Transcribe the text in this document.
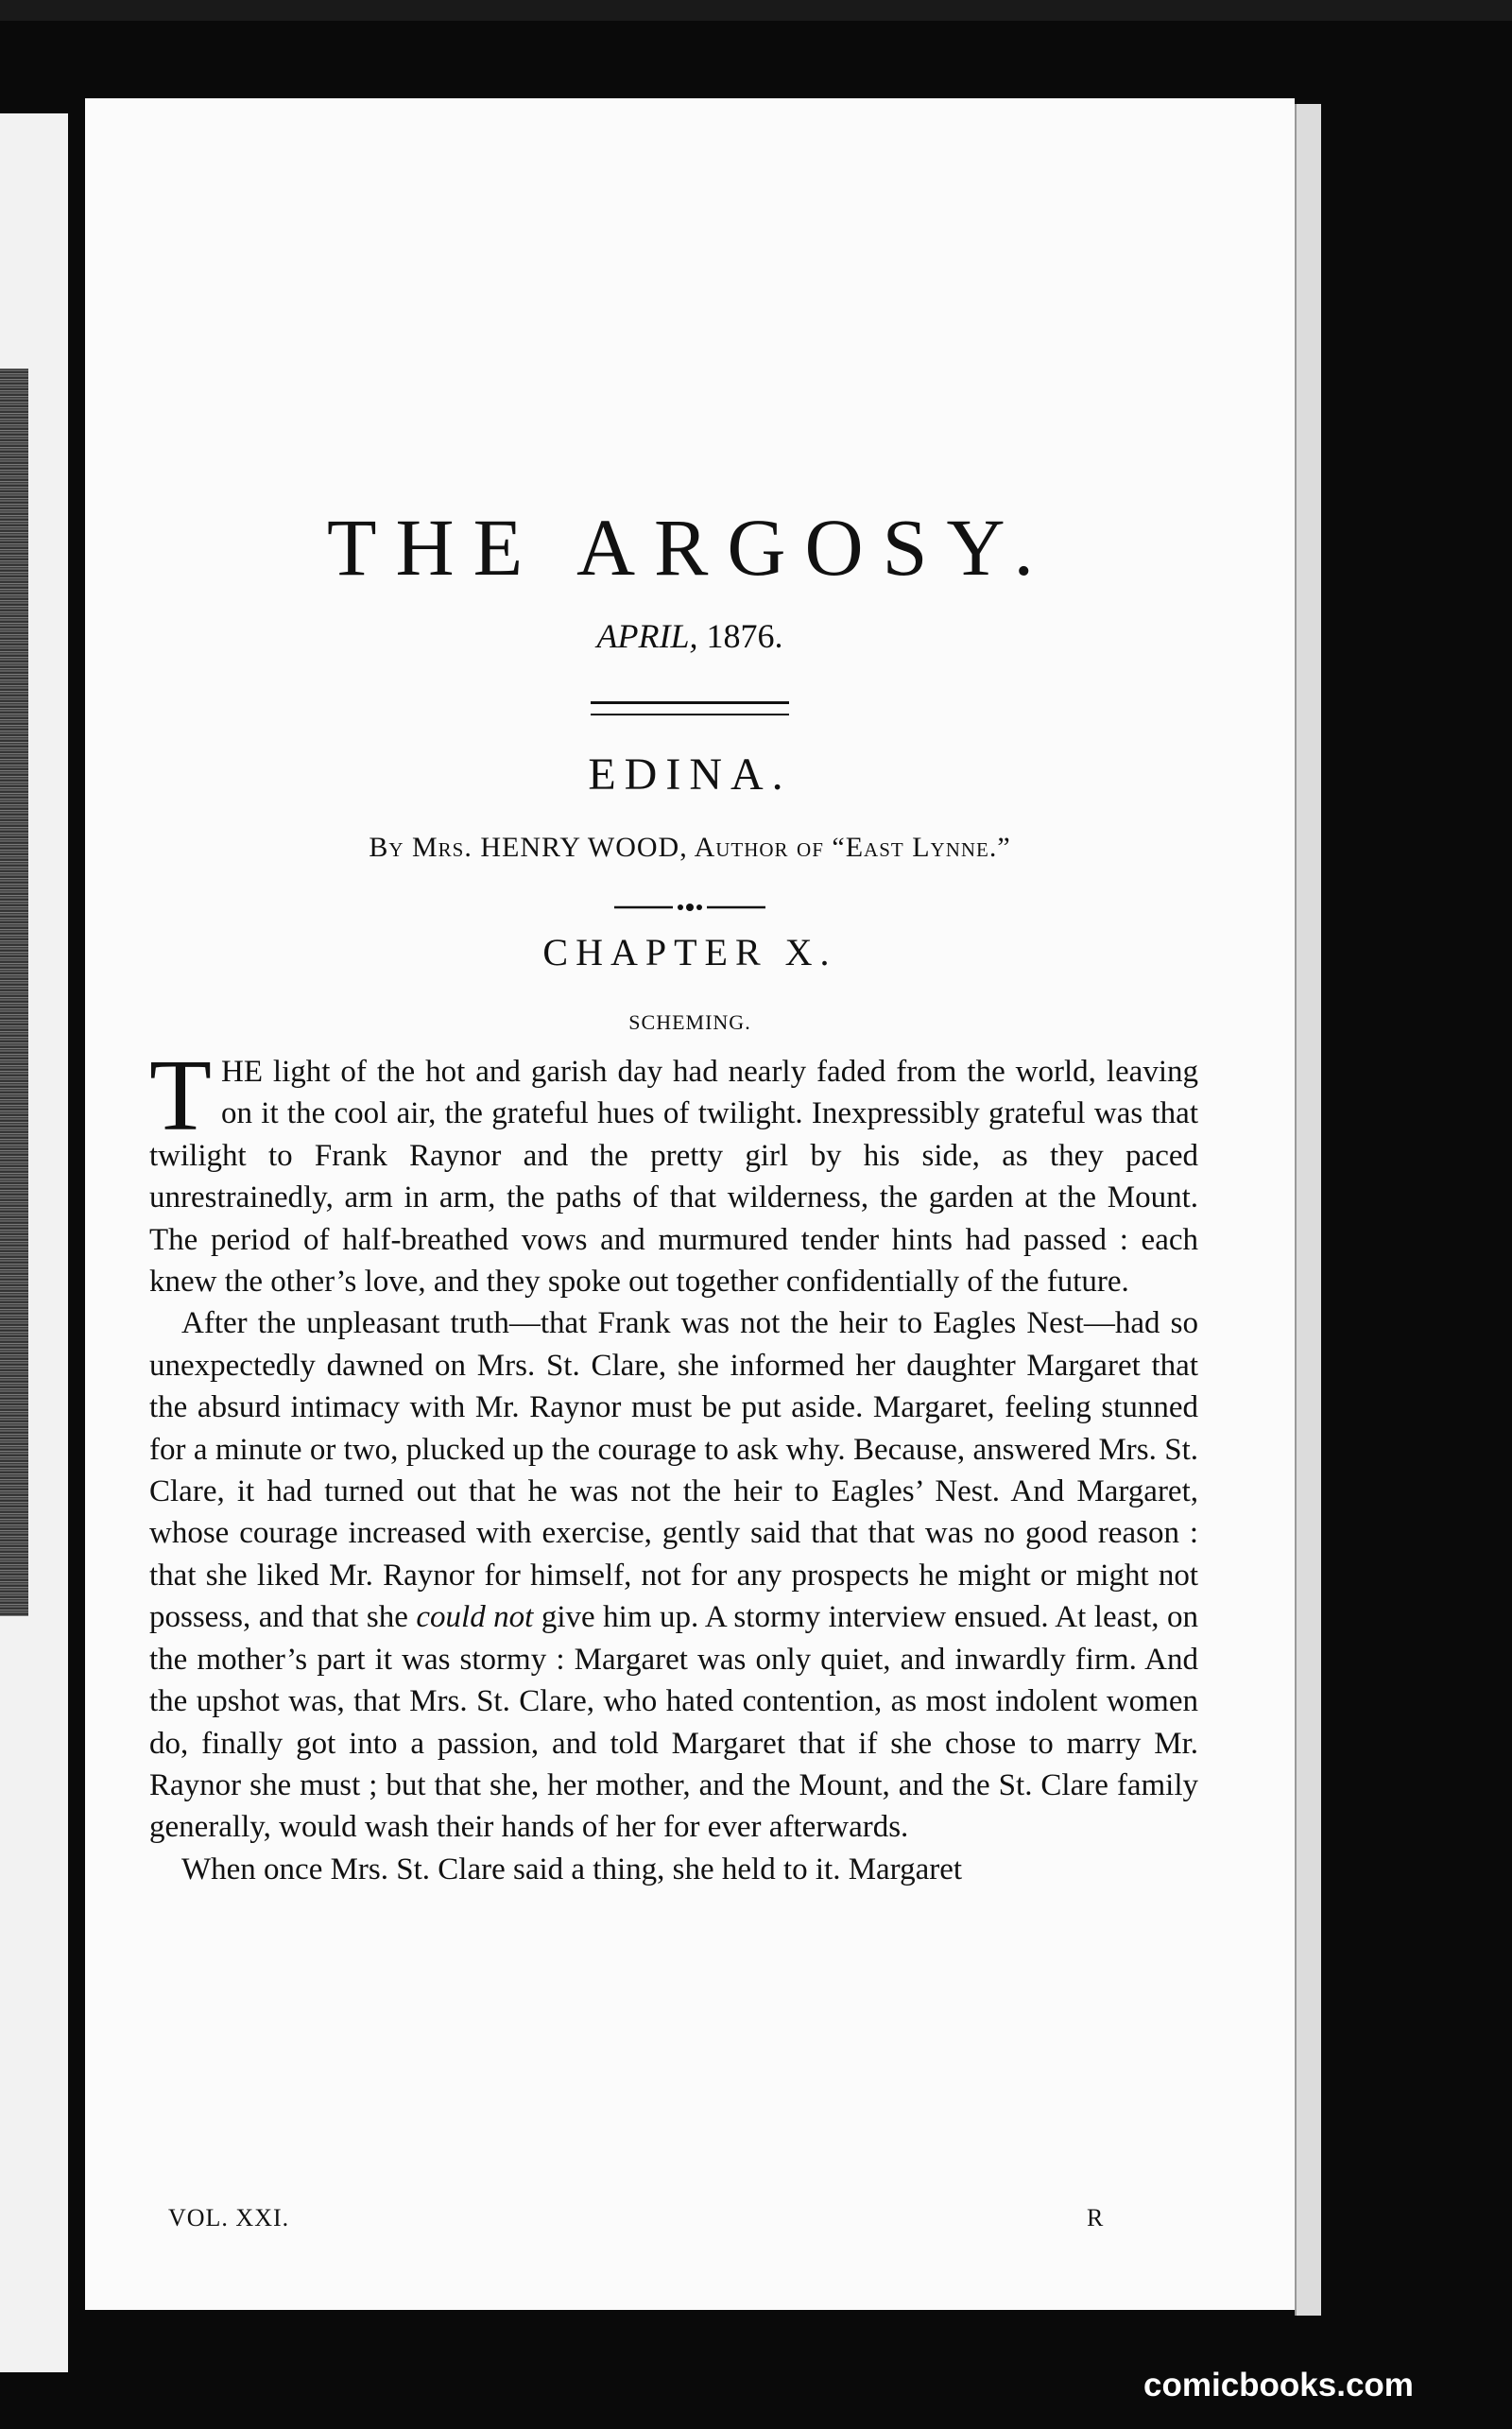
THE ARGOSY.
APRIL, 1876.
EDINA.
By Mrs. HENRY WOOD, Author of “East Lynne.”
CHAPTER X.
SCHEMING.

THE light of the hot and garish day had nearly faded from the world, leaving on it the cool air, the grateful hues of twilight. Inexpressibly grateful was that twilight to Frank Raynor and the pretty girl by his side, as they paced unrestrainedly, arm in arm, the paths of that wilderness, the garden at the Mount. The period of half-breathed vows and murmured tender hints had passed : each knew the other’s love, and they spoke out together confidentially of the future.

After the unpleasant truth—that Frank was not the heir to Eagles Nest—had so unexpectedly dawned on Mrs. St. Clare, she informed her daughter Margaret that the absurd intimacy with Mr. Raynor must be put aside. Margaret, feeling stunned for a minute or two, plucked up the courage to ask why. Because, answered Mrs. St. Clare, it had turned out that he was not the heir to Eagles’ Nest. And Margaret, whose courage increased with exercise, gently said that that was no good reason : that she liked Mr. Raynor for himself, not for any prospects he might or might not possess, and that she could not give him up. A stormy interview ensued. At least, on the mother’s part it was stormy : Margaret was only quiet, and inwardly firm. And the upshot was, that Mrs. St. Clare, who hated contention, as most indolent women do, finally got into a passion, and told Margaret that if she chose to marry Mr. Raynor she must ; but that she, her mother, and the Mount, and the St. Clare family generally, would wash their hands of her for ever afterwards.

When once Mrs. St. Clare said a thing, she held to it. Margaret

VOL. XXI.	R
comicbooks.com
